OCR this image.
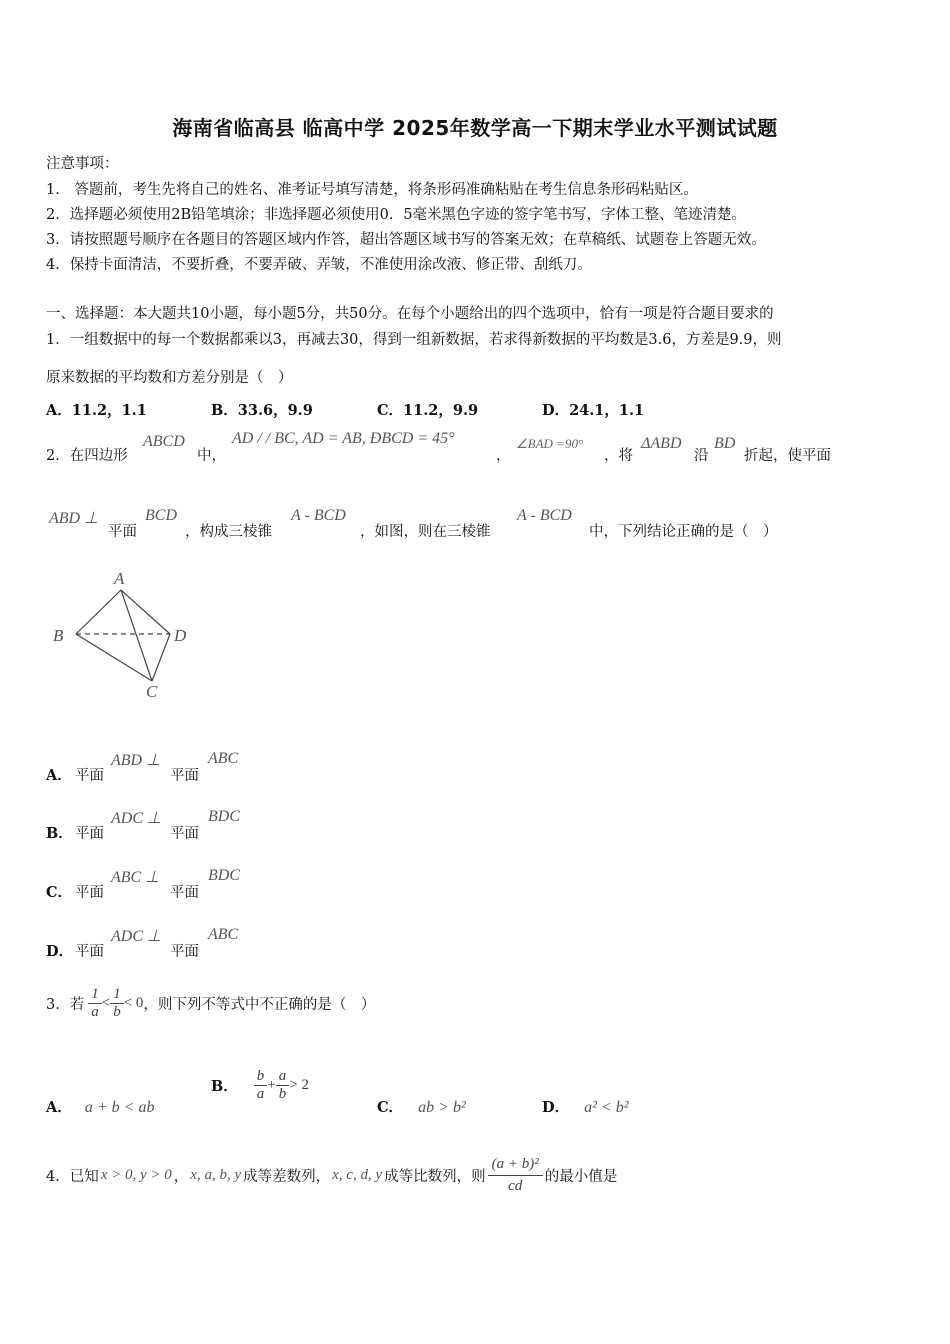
海南省临高县 临高中学 2025年数学高一下期末学业水平测试试题
注意事项：
1.　答题前，考生先将自己的姓名、准考证号填写清楚，将条形码准确粘贴在考生信息条形码粘贴区。
2．选择题必须使用2B铅笔填涂；非选择题必须使用0．5毫米黑色字迹的签字笔书写，字体工整、笔迹清楚。
3．请按照题号顺序在各题目的答题区域内作答，超出答题区域书写的答案无效；在草稿纸、试题卷上答题无效。
4．保持卡面清洁，不要折叠，不要弄破、弄皱，不准使用涂改液、修正带、刮纸刀。
一、选择题：本大题共10小题，每小题5分，共50分。在每个小题给出的四个选项中，恰有一项是符合题目要求的
1．一组数据中的每一个数据都乘以3，再减去30，得到一组新数据，若求得新数据的平均数是3.6，方差是9.9，则
原来数据的平均数和方差分别是（　）
A．11.2，1.1	B．33.6，9.9	C．11.2，9.9	D．24.1，1.1
2．在四边形
ABCD
中，
AD / / BC, AD = AB, ÐBCD = 45°
，
∠BAD =90°
，将
ΔABD
沿
BD
折起，使平面
ABD ⊥
平面
BCD
，构成三棱锥
A - BCD
，如图，则在三棱锥
A - BCD
中，下列结论正确的是（　）
A
B	D
C
A． 平面
ABD ⊥
平面
ABC
B． 平面
ADC ⊥
平面
BDC
C． 平面
ABC ⊥
平面
BDC
D． 平面
ADC ⊥
平面
ABC
3．若 $\frac{1}{a} < \frac{1}{b} < 0$ ，则下列不等式中不正确的是（　）
A． a + b < ab
B． $\frac{b}{a} + \frac{a}{b} > 2$
C． ab > b²	D． a² < b²
4．已知 x > 0, y > 0 ， x, a, b, y 成等差数列， x, c, d, y 成等比数列，则 $\frac{\text{(a + b)²}}{cd}$ 的最小值是
